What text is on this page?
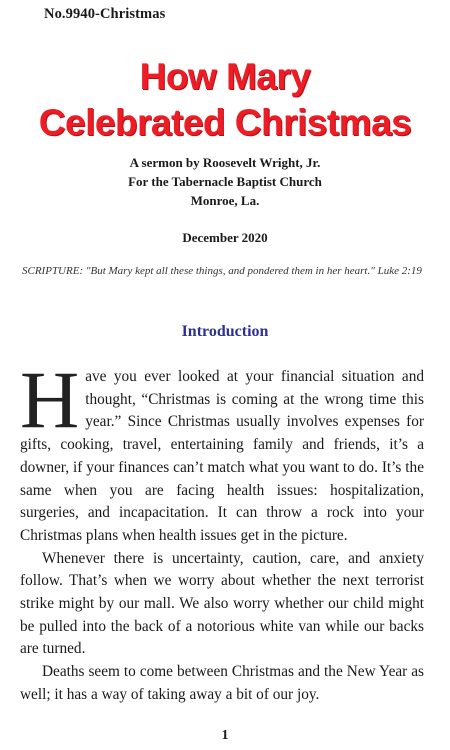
No.9940-Christmas
How Mary
Celebrated Christmas
A sermon by Roosevelt Wright, Jr.
For the Tabernacle Baptist Church
Monroe, La.
December 2020
SCRIPTURE: "But Mary kept all these things, and pondered them in her heart." Luke 2:19
Introduction

Have you ever looked at your financial situation and thought, “Christmas is coming at the wrong time this year.” Since Christmas usually involves expenses for gifts, cooking, travel, entertaining family and friends, it’s a downer, if your finances can’t match what you want to do. It’s the same when you are facing health issues: hospitalization, surgeries, and incapacitation. It can throw a rock into your Christmas plans when health issues get in the picture.

Whenever there is uncertainty, caution, care, and anxiety follow. That’s when we worry about whether the next terrorist strike might by our mall. We also worry whether our child might be pulled into the back of a notorious white van while our backs are turned.

Deaths seem to come between Christmas and the New Year as well; it has a way of taking away a bit of our joy.

1
